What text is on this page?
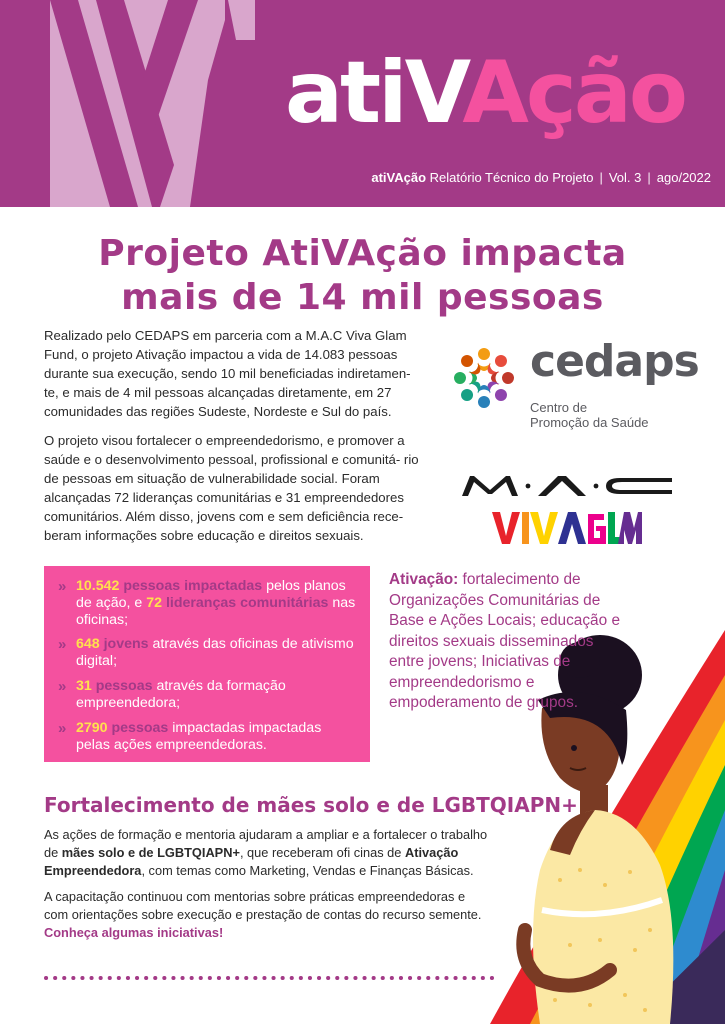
atiVAção
atiVAção Relatório Técnico do Projeto | Vol. 3 | ago/2022
Projeto AtiVAção impacta
mais de 14 mil pessoas

Realizado pelo CEDAPS em parceria com a M.A.C Viva Glam Fund, o projeto Ativação impactou a vida de 14.083 pessoas durante sua execução, sendo 10 mil beneficiadas indiretamen- te, e mais de 4 mil pessoas alcançadas diretamente, em 27 comunidades das regiões Sudeste, Nordeste e Sul do país.

O projeto visou fortalecer o empreendedorismo, e promover a saúde e o desenvolvimento pessoal, profissional e comunitá- rio de pessoas em situação de vulnerabilidade social. Foram alcançadas 72 lideranças comunitárias e 31 empreendedores comunitários. Além disso, jovens com e sem deficiência rece- beram informações sobre educação e direitos sexuais.

cedaps
Centro de
Promoção da Saúde
» 10.542 pessoas impactadas pelos planos de ação, e 72 lideranças comunitárias nas oficinas;
» 648 jovens através das oficinas de ativismo digital;
» 31 pessoas através da formação empreendedora;
» 2790 pessoas impactadas impactadas pelas ações empreendedoras.
Ativação: fortalecimento de Organizações Comunitárias de Base e Ações Locais; educação e direitos sexuais disseminados entre jovens; Iniciativas de empreendedorismo e empoderamento de grupos.
Fortalecimento de mães solo e de LGBTQIAPN+

As ações de formação e mentoria ajudaram a ampliar e a fortalecer o trabalho de mães solo e de LGBTQIAPN+, que receberam ofi cinas de Ativação Empreendedora, com temas como Marketing, Vendas e Finanças Básicas.

A capacitação continuou com mentorias sobre práticas empreendedoras e com orientações sobre execução e prestação de contas do recurso semente. Conheça algumas iniciativas!
